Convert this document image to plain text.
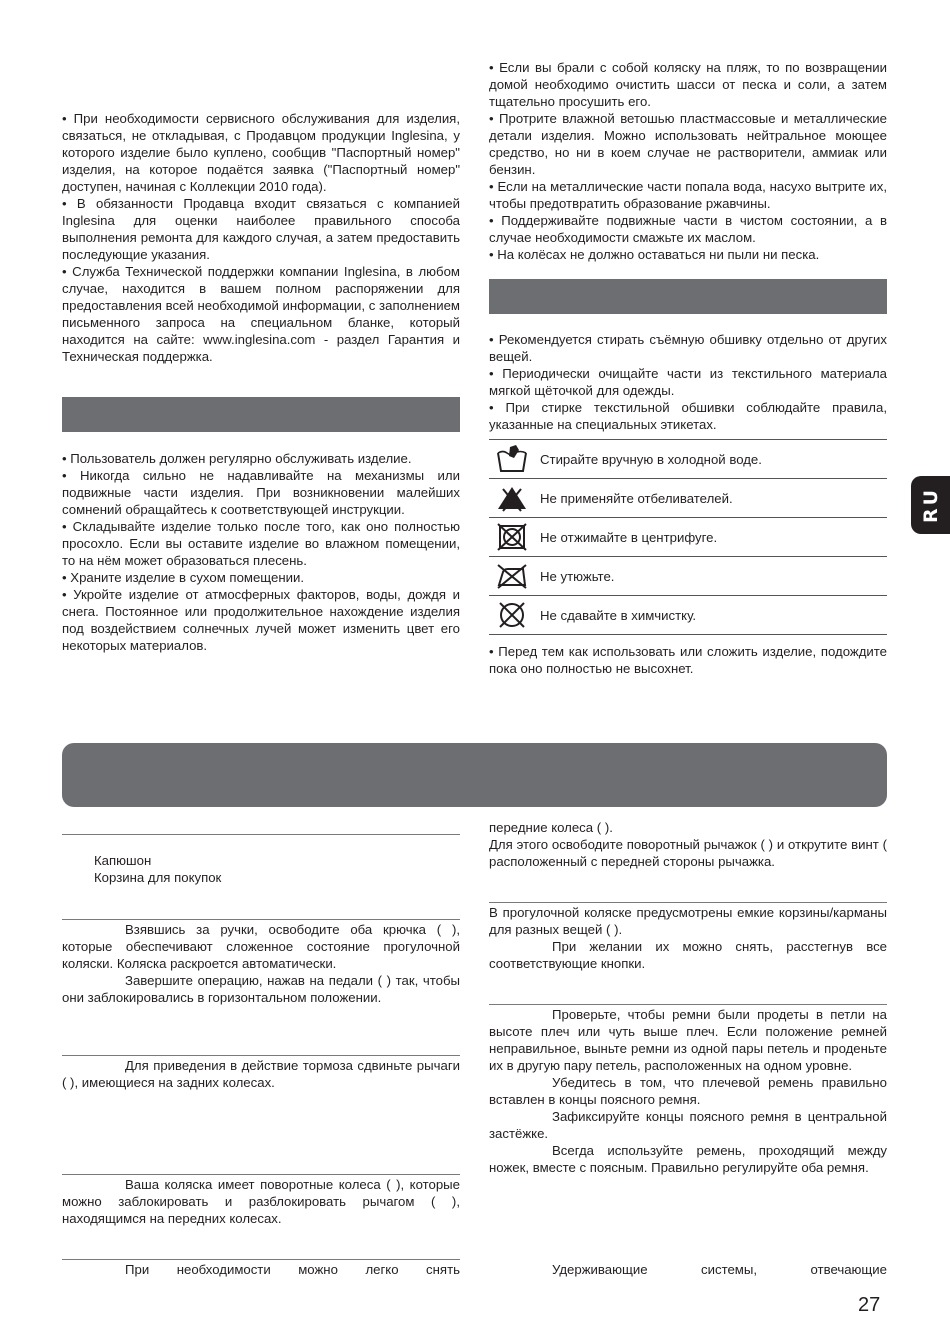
• При необходимости сервисного обслуживания для изделия, связаться, не откладывая, с Продавцом продукции Inglesina, у которого изделие было куплено, сообщив "Паспортный номер" изделия, на которое подаётся заявка ("Паспортный номер" доступен, начиная с Коллекции 2010 года).

• В обязанности Продавца входит связаться с компанией Inglesina для оценки наиболее правильного способа выполнения ремонта для каждого случая, а затем предоставить последующие указания.

• Служба Технической поддержки компании Inglesina, в любом случае, находится в вашем полном распоряжении для предоставления всей необходимой информации, с заполнением письменного запроса на специальном бланке, который находится на сайте: www.inglesina.com - раздел Гарантия и Техническая поддержка.

• Пользователь должен регулярно обслуживать изделие.

• Никогда сильно не надавливайте на механизмы или подвижные части изделия. При возникновении малейших сомнений обращайтесь к соответствующей инструкции.

• Складывайте изделие только после того, как оно полностью просохло. Если вы оставите изделие во влажном помещении, то на нём может образоваться плесень.

• Храните изделие в сухом помещении.

• Укройте изделие от атмосферных факторов, воды, дождя и снега. Постоянное или продолжительное нахождение изделия под воздействием солнечных лучей может изменить цвет его некоторых материалов.

• Если вы брали с собой коляску на пляж, то по возвращении домой необходимо очистить шасси от песка и соли, а затем тщательно просушить его.

• Протрите влажной ветошью пластмассовые и металлические детали изделия. Можно использовать нейтральное моющее средство, но ни в коем случае не растворители, аммиак или бензин.

• Если на металлические части попала вода, насухо вытрите их, чтобы предотвратить образование ржавчины.

• Поддерживайте подвижные части в чистом состоянии, а в случае необходимости смажьте их маслом.

• На колёсах не должно оставаться ни пыли ни песка.

• Рекомендуется стирать съёмную обшивку отдельно от других вещей.

• Периодически очищайте части из текстильного материала мягкой щёточкой для одежды.

• При стирке текстильной обшивки соблюдайте правила, указанные на специальных этикетах.

Стирайте вручную в холодной воде.
Не применяйте отбеливателей.
Не отжимайте в центрифуге.
Не утюжьте.
Не сдавайте в химчистку.

• Перед тем как использовать или сложить изделие, подождите пока оно полностью не высохнет.

RU
Капюшон
Корзина для покупок

Взявшись за ручки, освободите оба крючка ( ), которые обеспечивают сложенное состояние прогулочной коляски. Коляска раскроется автоматически.

Завершите операцию, нажав на педали ( ) так, чтобы они заблокировались в горизонтальном положении.

Для приведения в действие тормоза сдвиньте рычаги ( ), имеющиеся на задних колесах.

Ваша коляска имеет поворотные колеса ( ), которые можно заблокировать и разблокировать рычагом ( ), находящимся на передних колесах.

При необходимости можно легко снять

передние колеса ( ).

Для этого освободите поворотный рычажок ( ) и открутите винт ( расположенный с передней стороны рычажка.

В прогулочной коляске предусмотрены емкие корзины/карманы для разных вещей ( ).

При желании их можно снять, расстегнув все соответствующие кнопки.

Проверьте, чтобы ремни были продеты в петли на высоте плеч или чуть выше плеч. Если положение ремней неправильное, выньте ремни из одной пары петель и проденьте их в другую пару петель, расположенных на одном уровне.

Убедитесь в том, что плечевой ремень правильно вставлен в концы поясного ремня.

Зафиксируйте концы поясного ремня в центральной застёжке.

Всегда используйте ремень, проходящий между ножек, вместе с поясным. Правильно регулируйте оба ремня.

Удерживающие системы, отвечающие

27
